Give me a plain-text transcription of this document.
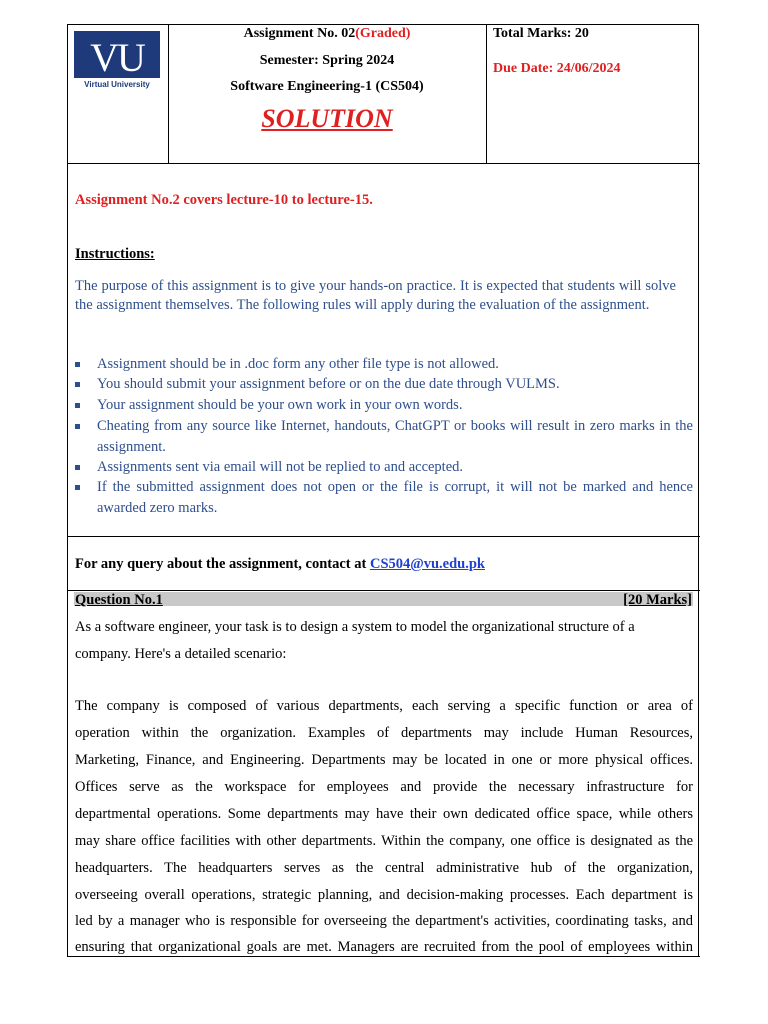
VU
Virtual University
Assignment No. 02(Graded)
Semester: Spring 2024
Software Engineering-1 (CS504)
SOLUTION
Total Marks: 20
Due Date: 24/06/2024
Assignment No.2 covers lecture-10 to lecture-15.
Instructions:
The purpose of this assignment is to give your hands-on practice. It is expected that students will solve the assignment themselves. The following rules will apply during the evaluation of the assignment.
Assignment should be in .doc form any other file type is not allowed.
You should submit your assignment before or on the due date through VULMS.
Your assignment should be your own work in your own words.
Cheating from any source like Internet, handouts, ChatGPT or books will result in zero marks in the assignment.
Assignments sent via email will not be replied to and accepted.
If the submitted assignment does not open or the file is corrupt, it will not be marked and hence awarded zero marks.
For any query about the assignment, contact at CS504@vu.edu.pk
Question No.1	[20 Marks]
As a software engineer, your task is to design a system to model the organizational structure of a
company. Here's a detailed scenario:
The company is composed of various departments, each serving a specific function or area of
operation within the organization. Examples of departments may include Human Resources,
Marketing, Finance, and Engineering. Departments may be located in one or more physical offices.
Offices serve as the workspace for employees and provide the necessary infrastructure for
departmental operations. Some departments may have their own dedicated office space, while others
may share office facilities with other departments. Within the company, one office is designated as the
headquarters. The headquarters serves as the central administrative hub of the organization,
overseeing overall operations, strategic planning, and decision-making processes. Each department is
led by a manager who is responsible for overseeing the department's activities, coordinating tasks, and
ensuring that organizational goals are met. Managers are recruited from the pool of employees within
